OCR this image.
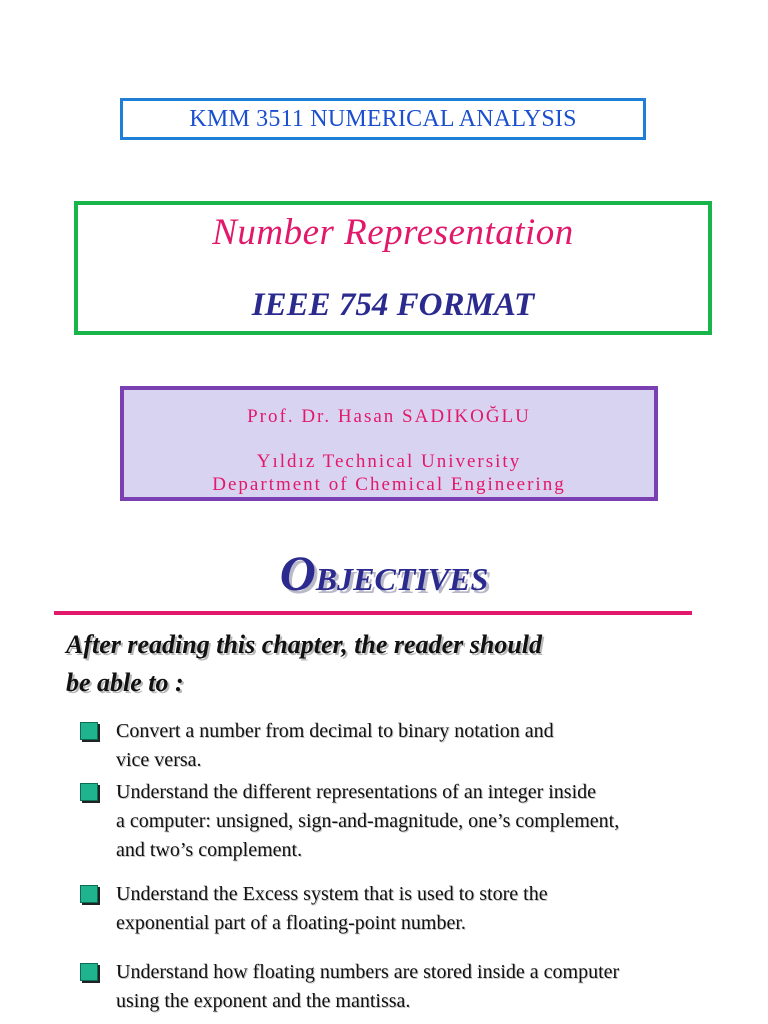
KMM 3511 NUMERICAL ANALYSIS
Number Representation
IEEE 754 FORMAT
Prof. Dr. Hasan SADIKOĞLU
Yıldız Technical University
Department of Chemical Engineering
OBJECTIVES
After reading this chapter, the reader should
be able to :
Convert a number from decimal to binary notation and
vice versa.
Understand the different representations of an integer inside
a computer: unsigned, sign-and-magnitude, one’s complement,
and two’s complement.
Understand the Excess system that is used to store the
exponential part of a floating-point number.
Understand how floating numbers are stored inside a computer
using the exponent and the mantissa.
